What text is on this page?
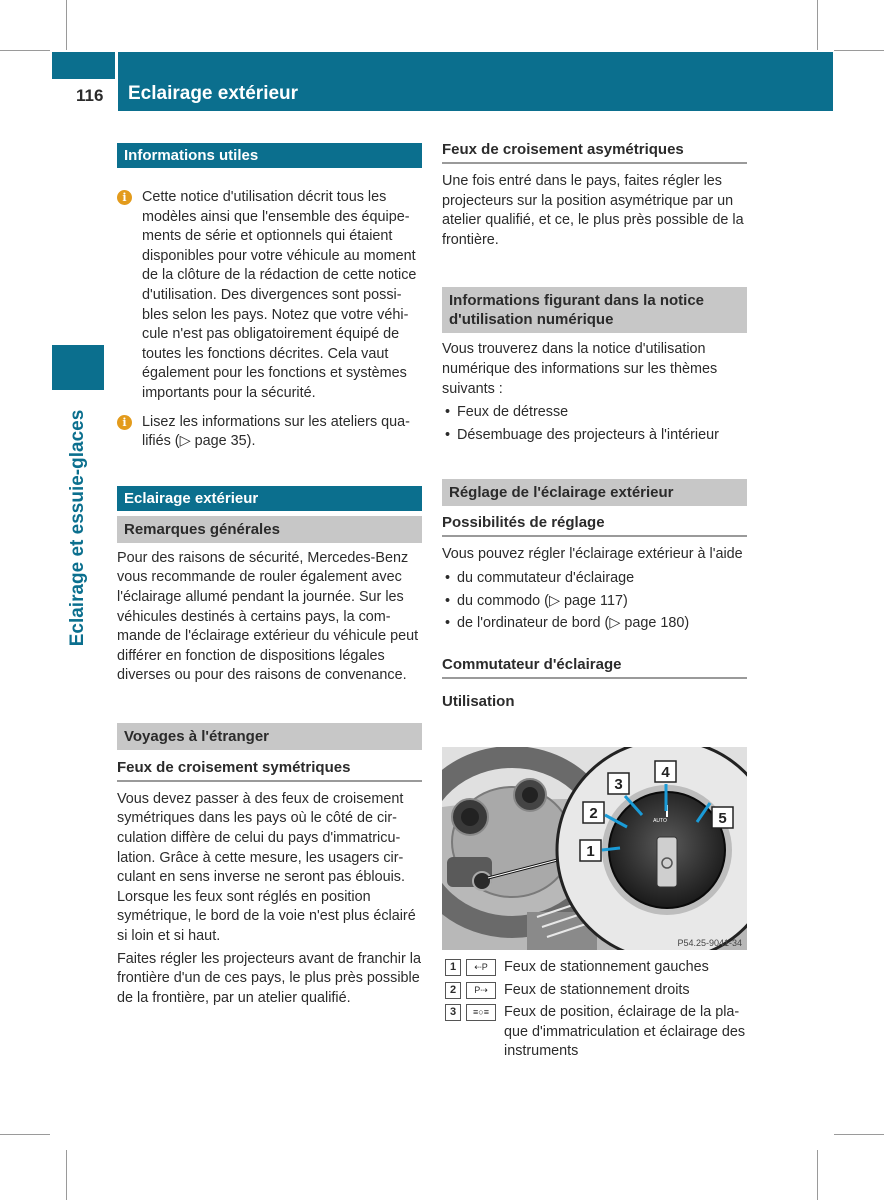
116 Eclairage extérieur
Eclairage et essuie-glaces
Informations utiles
i	Cette notice d'utilisation décrit tous les modèles ainsi que l'ensemble des équipements de série et optionnels qui étaient disponibles pour votre véhicule au moment de la clôture de la rédaction de cette notice d'utilisation. Des divergences sont possibles selon les pays. Notez que votre véhicule n'est pas obligatoirement équipé de toutes les fonctions décrites. Cela vaut également pour les fonctions et systèmes importants pour la sécurité.

i	Lisez les informations sur les ateliers qualifiés (▷ page 35).

Eclairage extérieur
Remarques générales

Pour des raisons de sécurité, Mercedes-Benz vous recommande de rouler également avec l'éclairage allumé pendant la journée. Sur les véhicules destinés à certains pays, la commande de l'éclairage extérieur du véhicule peut différer en fonction de dispositions légales diverses ou pour des raisons de convenance.

Voyages à l'étranger
Feux de croisement symétriques

Vous devez passer à des feux de croisement symétriques dans les pays où le côté de circulation diffère de celui du pays d'immatriculation. Grâce à cette mesure, les usagers circulant en sens inverse ne seront pas éblouis. Lorsque les feux sont réglés en position symétrique, le bord de la voie n'est plus éclairé si loin et si haut.

Faites régler les projecteurs avant de franchir la frontière d'un de ces pays, le plus près possible de la frontière, par un atelier qualifié.

Feux de croisement asymétriques

Une fois entré dans le pays, faites régler les projecteurs sur la position asymétrique par un atelier qualifié, et ce, le plus près possible de la frontière.

Informations figurant dans la notice d'utilisation numérique

Vous trouverez dans la notice d'utilisation numérique des informations sur les thèmes suivants :

• Feux de détresse
• Désembuage des projecteurs à l'intérieur
Réglage de l'éclairage extérieur
Possibilités de réglage

Vous pouvez régler l'éclairage extérieur à l'aide

• du commutateur d'éclairage
• du commodo (▷ page 117)
• de l'ordinateur de bord (▷ page 180)
Commutateur d'éclairage
Utilisation
AUTO
1
2
3
4
5
P54.25-9041-34
1	⇠P	Feux de stationnement gauches
2	P⇢	Feux de stationnement droits
3	≡○≡	Feux de position, éclairage de la plaque d'immatriculation et éclairage des instruments
